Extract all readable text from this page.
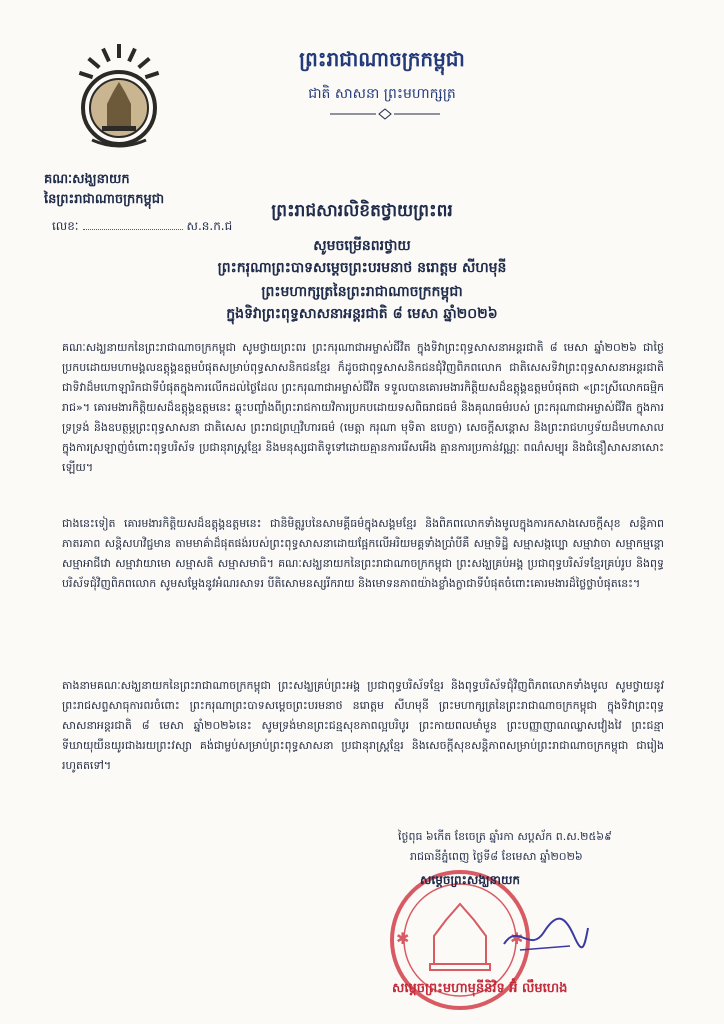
គណៈសង្ឃនាយក
នៃព្រះរាជាណាចក្រកម្ពុជា
លេខៈ	ស.ន.ក.ជ
ព្រះរាជាណាចក្រកម្ពុជា
ជាតិ សាសនា ព្រះមហាក្សត្រ
ព្រះរាជសារលិខិតថ្វាយព្រះពរ
សូមចម្រើនពរថ្វាយ
ព្រះករុណាព្រះបាទសម្តេចព្រះបរមនាថ នរោត្តម សីហមុនី
ព្រះមហាក្សត្រនៃព្រះរាជាណាចក្រកម្ពុជា
ក្នុងទិវាព្រះពុទ្ធសាសនាអន្តរជាតិ ៨ មេសា ឆ្នាំ២០២៦
គណៈសង្ឃនាយកនៃព្រះរាជាណាចក្រកម្ពុជា សូមថ្វាយព្រះពរ ព្រះករុណាជាអម្ចាស់ជីវិត ក្នុងទិវាព្រះពុទ្ធសាសនាអន្តរជាតិ ៨ មេសា ឆ្នាំ២០២៦ ជាថ្ងៃប្រកបដោយមហាមង្គលឧត្តុង្គឧត្តមបំផុតសម្រាប់ពុទ្ធសាសនិកជនខ្មែរ ក៏ដូចជាពុទ្ធសាសនិកជនជុំវិញពិភពលោក ជាតិសេសទិវាព្រះពុទ្ធសាសនាអន្តរជាតិ ជាទិវាដ៏មហោឡារិកជាទីបំផុតក្នុងការលើកដល់ថ្ងៃដែល ព្រះករុណាជាអម្ចាស់ជីវិត ទទួលបានគោរមងារកិត្តិយសដ៏ឧត្តុង្គឧត្តមបំផុតជា «ព្រះស្រីលោកធម្មិករាជ»។ គោរមងារកិត្តិយសដ៏ឧត្តុង្គឧត្តមនេះ ឆ្លុះបញ្ចាំងពីព្រះរាជកាយវិការប្រកបដោយទសពិធរាជធម៌ និងគុណធម៌របស់ ព្រះករុណាជាអម្ចាស់ជីវិត ក្នុងការទ្រទ្រង់ និងឧបត្ថម្ភព្រះពុទ្ធសាសនា ជាតិសេស ព្រះរាជព្រហ្មវិហារធម៌ (មេត្តា ករុណា មុទិតា ឧបេក្ខា) សេចក្តីសន្តោស និងព្រះរាជហឫទ័យដ៏មហាសាលក្នុងការស្រឡាញ់ចំពោះពុទ្ធបរិស័ទ ប្រជានុរាស្ត្រខ្មែរ និងមនុស្សជាតិទូទៅដោយគ្មានការរើសអើង គ្មានការប្រកាន់វណ្ណៈ ពណ៌សម្បុរ និងជំនឿសាសនាសោះឡើយ។
ជាងនេះទៀត គោរមងារកិត្តិយសដ៏ឧត្តុង្គឧត្តមនេះ ជានិមិត្តរូបនៃសាមគ្គីធម៌ក្នុងសង្គមខ្មែរ និងពិភពលោកទាំងមូលក្នុងការកសាងសេចក្តីសុខ សន្តិភាព ភាតរភាព សន្តិសហវិជ្ជមាន តាមមាគ៌ាដ៏ផុតផង់របស់ព្រះពុទ្ធសាសនាដោយផ្អែកលើអរិយមគ្គទាំងប្រាំបីគឺ សម្មាទិដ្ឋិ សម្មាសង្កប្បោ សម្មាវាចា សម្មាកម្មន្តោ សម្មាអាជីវោ សម្មាវាយាមោ សម្មាសតិ សម្មាសមាធិ។ គណៈសង្ឃនាយកនៃព្រះរាជាណាចក្រកម្ពុជា ព្រះសង្ឃគ្រប់អង្គ ប្រជាពុទ្ធបរិស័ទខ្មែរគ្រប់រូប និងពុទ្ធបរិស័ទជុំវិញពិភពលោក សូមសម្តែងនូវអំណរសាទរ បីតិសោមនស្សរីករាយ និងមោទនភាពយ៉ាងខ្លាំងក្លាជាទីបំផុតចំពោះគោរមងារដ៏ថ្លៃថ្លាបំផុតនេះ។
តាងនាមគណៈសង្ឃនាយកនៃព្រះរាជាណាចក្រកម្ពុជា ព្រះសង្ឃគ្រប់ព្រះអង្គ ប្រជាពុទ្ធបរិស័ទខ្មែរ និងពុទ្ធបរិស័ទជុំវិញពិភពលោកទាំងមូល សូមថ្វាយនូវព្រះរាជសព្ទសាធុការពរចំពោះ ព្រះករុណាព្រះបាទសម្តេចព្រះបរមនាថ នរោត្តម សីហមុនី ព្រះមហាក្សត្រនៃព្រះរាជាណាចក្រកម្ពុជា ក្នុងទិវាព្រះពុទ្ធសាសនាអន្តរជាតិ ៨ មេសា ឆ្នាំ២០២៦នេះ សូមទ្រង់មានព្រះជន្មសុខភាពល្អបរិបូរ ព្រះកាយពលមាំមួន ព្រះបញ្ញាញាណឈ្លាសវៀងវៃ ព្រះជន្មាទីឃាយុយឺនយូរជាងរយព្រះវស្សា គង់ជាម្លប់សម្រាប់ព្រះពុទ្ធសាសនា ប្រជានុរាស្ត្រខ្មែរ និងសេចក្តីសុខសន្តិភាពសម្រាប់ព្រះរាជាណាចក្រកម្ពុជា ជារៀងរហូតតទៅ។
ថ្ងៃពុធ ៦កើត ខែចេត្រ ឆ្នាំរកា សប្តស័ក ព.ស.២៥៦៩
រាជធានីភ្នំពេញ ថ្ងៃទី៨ ខែមេសា ឆ្នាំ២០២៦
✱	✱
សម្តេចព្រះសង្ឃនាយក
សម្តេចព្រះមហាមុនីនិវិទ អ៊ំ លឹមហេង
